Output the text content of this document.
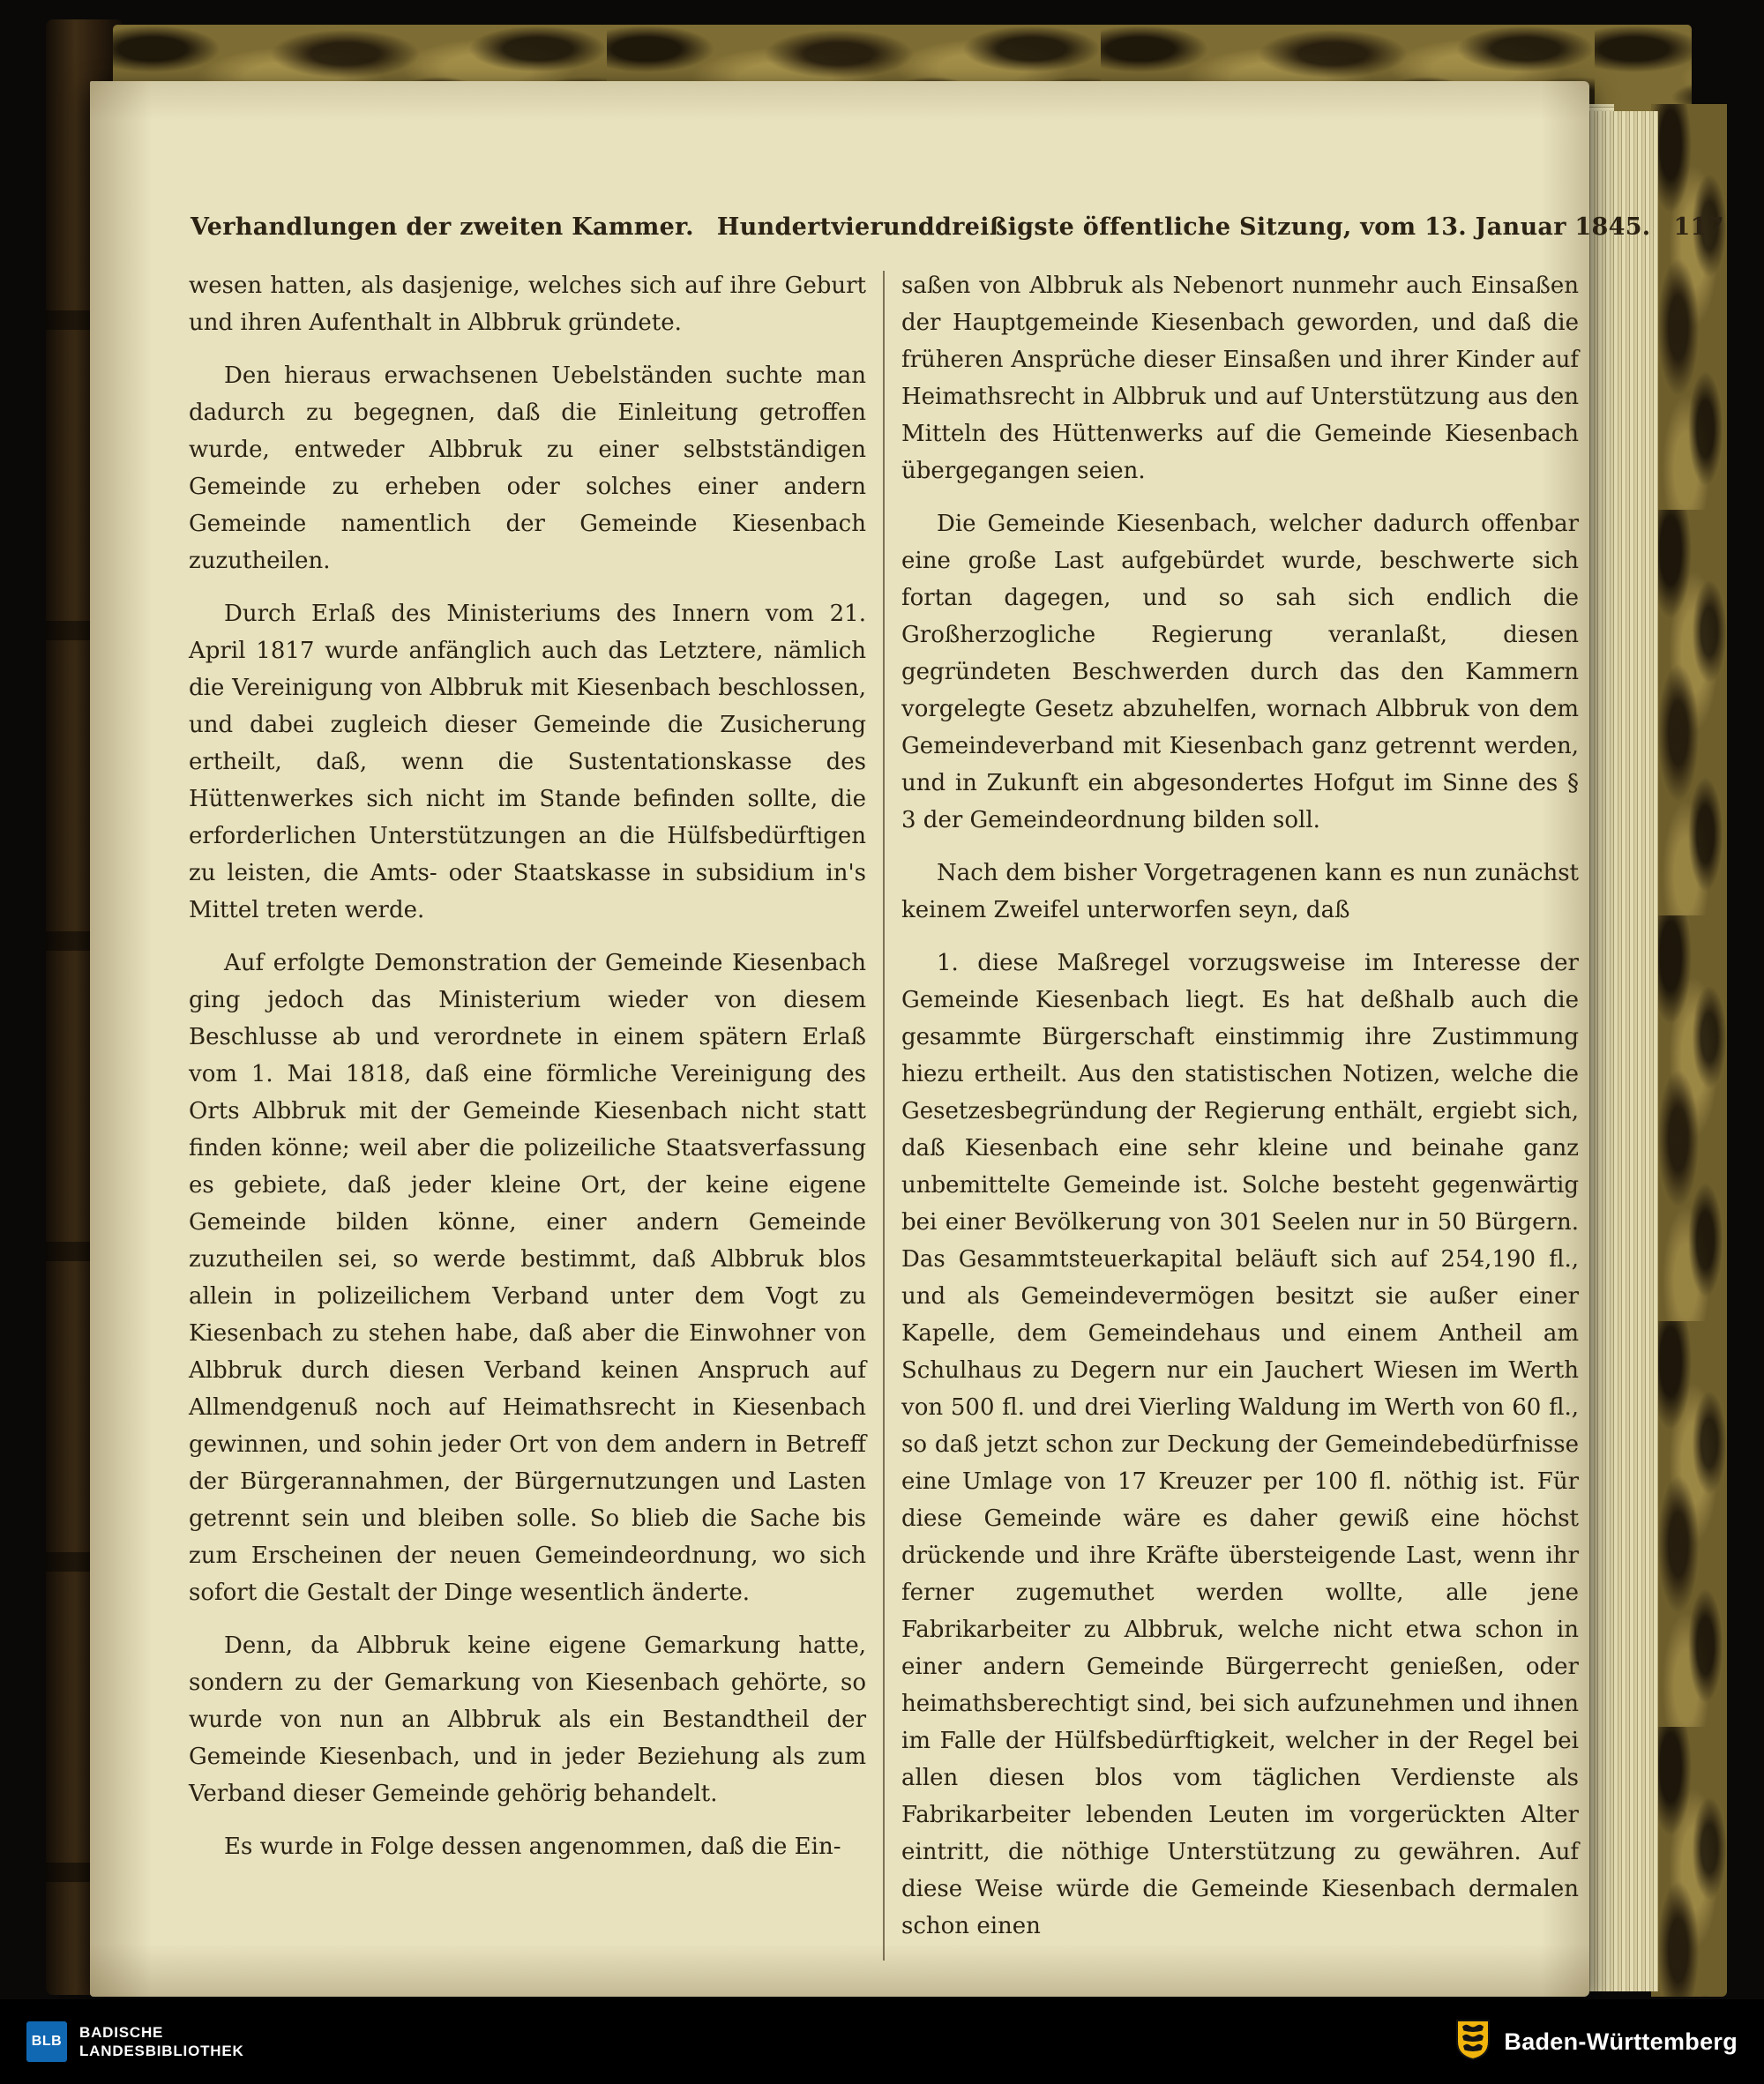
Verhandlungen der zweiten Kammer. Hundertvierunddreißigste öffentliche Sitzung, vom 13. Januar 1845. 117

wesen hatten, als dasjenige, welches sich auf ihre Geburt und ihren Aufenthalt in Albbruk gründete.

Den hieraus erwachsenen Uebelständen suchte man dadurch zu begegnen, daß die Einleitung getroffen wurde, entweder Albbruk zu einer selbstständigen Gemeinde zu erheben oder solches einer andern Gemeinde namentlich der Gemeinde Kiesenbach zuzutheilen.

Durch Erlaß des Ministeriums des Innern vom 21. April 1817 wurde anfänglich auch das Letztere, nämlich die Vereinigung von Albbruk mit Kiesenbach beschlossen, und dabei zugleich dieser Gemeinde die Zusicherung ertheilt, daß, wenn die Sustentationskasse des Hüttenwerkes sich nicht im Stande befinden sollte, die erforderlichen Unterstützungen an die Hülfsbedürftigen zu leisten, die Amts- oder Staatskasse in subsidium in's Mittel treten werde.

Auf erfolgte Demonstration der Gemeinde Kiesenbach ging jedoch das Ministerium wieder von diesem Beschlusse ab und verordnete in einem spätern Erlaß vom 1. Mai 1818, daß eine förmliche Vereinigung des Orts Albbruk mit der Gemeinde Kiesenbach nicht statt finden könne; weil aber die polizeiliche Staatsverfassung es gebiete, daß jeder kleine Ort, der keine eigene Gemeinde bilden könne, einer andern Gemeinde zuzutheilen sei, so werde bestimmt, daß Albbruk blos allein in polizeilichem Verband unter dem Vogt zu Kiesenbach zu stehen habe, daß aber die Einwohner von Albbruk durch diesen Verband keinen Anspruch auf Allmendgenuß noch auf Heimathsrecht in Kiesenbach gewinnen, und sohin jeder Ort von dem andern in Betreff der Bürgerannahmen, der Bürgernutzungen und Lasten getrennt sein und bleiben solle. So blieb die Sache bis zum Erscheinen der neuen Gemeindeordnung, wo sich sofort die Gestalt der Dinge wesentlich änderte.

Denn, da Albbruk keine eigene Gemarkung hatte, sondern zu der Gemarkung von Kiesenbach gehörte, so wurde von nun an Albbruk als ein Bestandtheil der Gemeinde Kiesenbach, und in jeder Beziehung als zum Verband dieser Gemeinde gehörig behandelt.

Es wurde in Folge dessen angenommen, daß die Ein-

saßen von Albbruk als Nebenort nunmehr auch Einsaßen der Hauptgemeinde Kiesenbach geworden, und daß die früheren Ansprüche dieser Einsaßen und ihrer Kinder auf Heimathsrecht in Albbruk und auf Unterstützung aus den Mitteln des Hüttenwerks auf die Gemeinde Kiesenbach übergegangen seien.

Die Gemeinde Kiesenbach, welcher dadurch offenbar eine große Last aufgebürdet wurde, beschwerte sich fortan dagegen, und so sah sich endlich die Großherzogliche Regierung veranlaßt, diesen gegründeten Beschwerden durch das den Kammern vorgelegte Gesetz abzuhelfen, wornach Albbruk von dem Gemeindeverband mit Kiesenbach ganz getrennt werden, und in Zukunft ein abgesondertes Hofgut im Sinne des § 3 der Gemeindeordnung bilden soll.

Nach dem bisher Vorgetragenen kann es nun zunächst keinem Zweifel unterworfen seyn, daß

1. diese Maßregel vorzugsweise im Interesse der Gemeinde Kiesenbach liegt. Es hat deßhalb auch die gesammte Bürgerschaft einstimmig ihre Zustimmung hiezu ertheilt. Aus den statistischen Notizen, welche die Gesetzesbegründung der Regierung enthält, ergiebt sich, daß Kiesenbach eine sehr kleine und beinahe ganz unbemittelte Gemeinde ist. Solche besteht gegenwärtig bei einer Bevölkerung von 301 Seelen nur in 50 Bürgern. Das Gesammtsteuerkapital beläuft sich auf 254,190 fl., und als Gemeindevermögen besitzt sie außer einer Kapelle, dem Gemeindehaus und einem Antheil am Schulhaus zu Degern nur ein Jauchert Wiesen im Werth von 500 fl. und drei Vierling Waldung im Werth von 60 fl., so daß jetzt schon zur Deckung der Gemeindebedürfnisse eine Umlage von 17 Kreuzer per 100 fl. nöthig ist. Für diese Gemeinde wäre es daher gewiß eine höchst drückende und ihre Kräfte übersteigende Last, wenn ihr ferner zugemuthet werden wollte, alle jene Fabrikarbeiter zu Albbruk, welche nicht etwa schon in einer andern Gemeinde Bürgerrecht genießen, oder heimathsberechtigt sind, bei sich aufzunehmen und ihnen im Falle der Hülfsbedürftigkeit, welcher in der Regel bei allen diesen blos vom täglichen Verdienste als Fabrikarbeiter lebenden Leuten im vorgerückten Alter eintritt, die nöthige Unterstützung zu gewähren. Auf diese Weise würde die Gemeinde Kiesenbach dermalen schon einen

BLB
BADISCHE
LANDESBIBLIOTHEK	Baden-Württemberg
